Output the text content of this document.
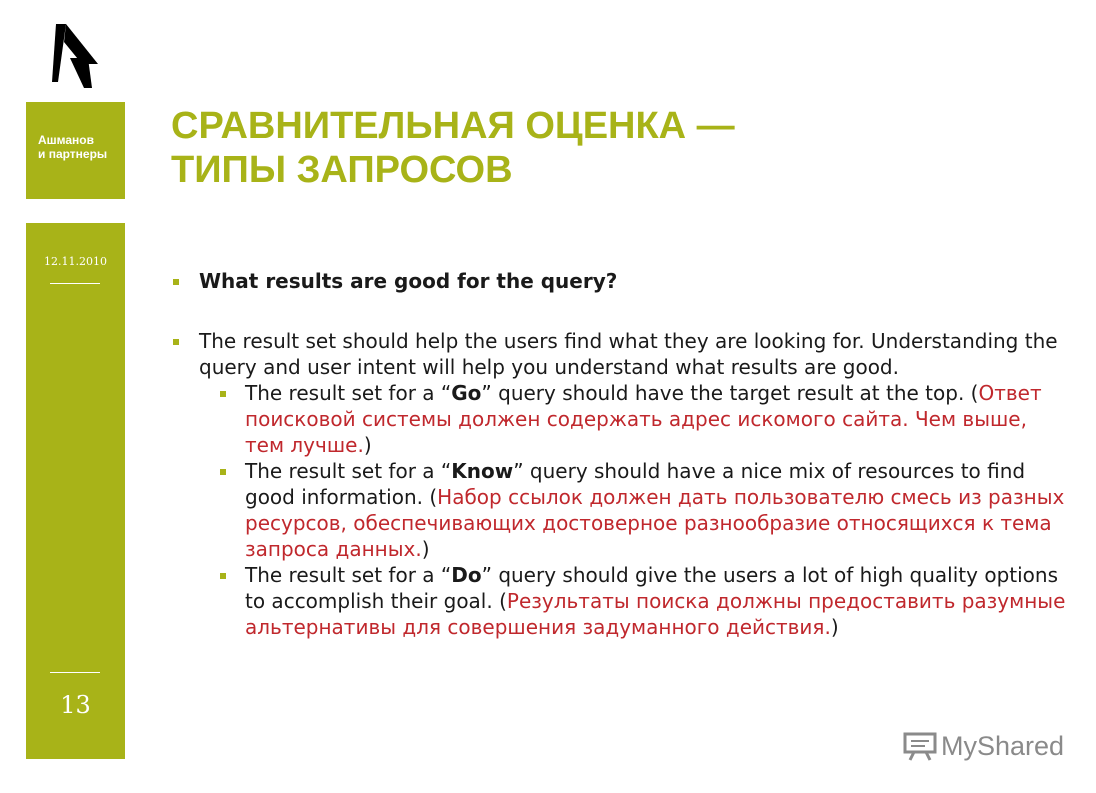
Ашманов
и партнеры
12.11.2010
13
СРАВНИТЕЛЬНАЯ ОЦЕНКА —
ТИПЫ ЗАПРОСОВ
What results are good for the query?
The result set should help the users find what they are looking for. Understanding the query and user intent will help you understand what results are good.
The result set for a “Go” query should have the target result at the top. (Ответ поисковой системы должен содержать адрес искомого сайта. Чем выше, тем лучше.)
The result set for a “Know” query should have a nice mix of resources to find good information. (Набор ссылок должен дать пользователю смесь из разных ресурсов, обеспечивающих достоверное разнообразие относящихся к тема запроса данных.)
The result set for a “Do” query should give the users a lot of high quality options to accomplish their goal. (Результаты поиска должны предоставить разумные альтернативы для совершения задуманного действия.)
MyShared
